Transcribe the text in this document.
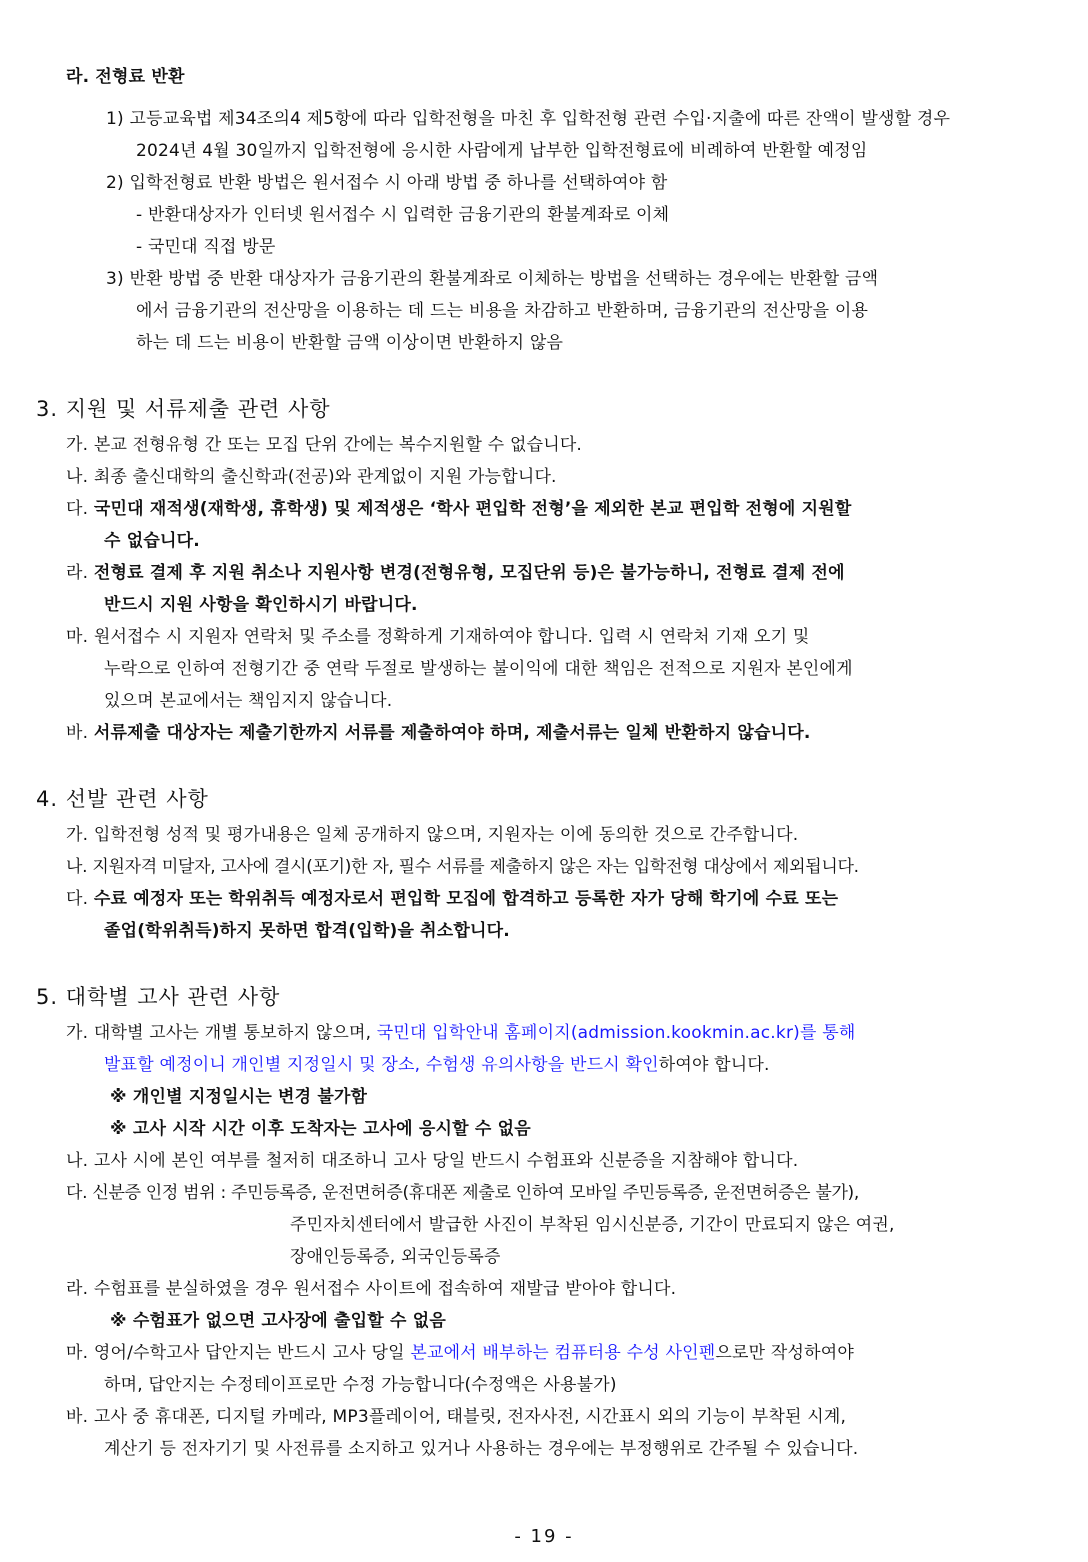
라. 전형료 반환
1) 고등교육법 제34조의4 제5항에 따라 입학전형을 마친 후 입학전형 관련 수입·지출에 따른 잔액이 발생할 경우
2024년 4월 30일까지 입학전형에 응시한 사람에게 납부한 입학전형료에 비례하여 반환할 예정임
2) 입학전형료 반환 방법은 원서접수 시 아래 방법 중 하나를 선택하여야 함
- 반환대상자가 인터넷 원서접수 시 입력한 금융기관의 환불계좌로 이체
- 국민대 직접 방문
3) 반환 방법 중 반환 대상자가 금융기관의 환불계좌로 이체하는 방법을 선택하는 경우에는 반환할 금액
에서 금융기관의 전산망을 이용하는 데 드는 비용을 차감하고 반환하며, 금융기관의 전산망을 이용
하는 데 드는 비용이 반환할 금액 이상이면 반환하지 않음
3. 지원 및 서류제출 관련 사항
가. 본교 전형유형 간 또는 모집 단위 간에는 복수지원할 수 없습니다.
나. 최종 출신대학의 출신학과(전공)와 관계없이 지원 가능합니다.
다. 국민대 재적생(재학생, 휴학생) 및 제적생은 ‘학사 편입학 전형’을 제외한 본교 편입학 전형에 지원할
수 없습니다.
라. 전형료 결제 후 지원 취소나 지원사항 변경(전형유형, 모집단위 등)은 불가능하니, 전형료 결제 전에
반드시 지원 사항을 확인하시기 바랍니다.
마. 원서접수 시 지원자 연락처 및 주소를 정확하게 기재하여야 합니다. 입력 시 연락처 기재 오기 및
누락으로 인하여 전형기간 중 연락 두절로 발생하는 불이익에 대한 책임은 전적으로 지원자 본인에게
있으며 본교에서는 책임지지 않습니다.
바. 서류제출 대상자는 제출기한까지 서류를 제출하여야 하며, 제출서류는 일체 반환하지 않습니다.
4. 선발 관련 사항
가. 입학전형 성적 및 평가내용은 일체 공개하지 않으며, 지원자는 이에 동의한 것으로 간주합니다.
나. 지원자격 미달자, 고사에 결시(포기)한 자, 필수 서류를 제출하지 않은 자는 입학전형 대상에서 제외됩니다.
다. 수료 예정자 또는 학위취득 예정자로서 편입학 모집에 합격하고 등록한 자가 당해 학기에 수료 또는
졸업(학위취득)하지 못하면 합격(입학)을 취소합니다.
5. 대학별 고사 관련 사항
가. 대학별 고사는 개별 통보하지 않으며, 국민대 입학안내 홈페이지(admission.kookmin.ac.kr)를 통해
발표할 예정이니 개인별 지정일시 및 장소, 수험생 유의사항을 반드시 확인하여야 합니다.
※ 개인별 지정일시는 변경 불가함
※ 고사 시작 시간 이후 도착자는 고사에 응시할 수 없음
나. 고사 시에 본인 여부를 철저히 대조하니 고사 당일 반드시 수험표와 신분증을 지참해야 합니다.
다. 신분증 인정 범위 : 주민등록증, 운전면허증(휴대폰 제출로 인하여 모바일 주민등록증, 운전면허증은 불가),
주민자치센터에서 발급한 사진이 부착된 임시신분증, 기간이 만료되지 않은 여권,
장애인등록증, 외국인등록증
라. 수험표를 분실하였을 경우 원서접수 사이트에 접속하여 재발급 받아야 합니다.
※ 수험표가 없으면 고사장에 출입할 수 없음
마. 영어/수학고사 답안지는 반드시 고사 당일 본교에서 배부하는 컴퓨터용 수성 사인펜으로만 작성하여야
하며, 답안지는 수정테이프로만 수정 가능합니다(수정액은 사용불가)
바. 고사 중 휴대폰, 디지털 카메라, MP3플레이어, 태블릿, 전자사전, 시간표시 외의 기능이 부착된 시계,
계산기 등 전자기기 및 사전류를 소지하고 있거나 사용하는 경우에는 부정행위로 간주될 수 있습니다.
- 19 -
